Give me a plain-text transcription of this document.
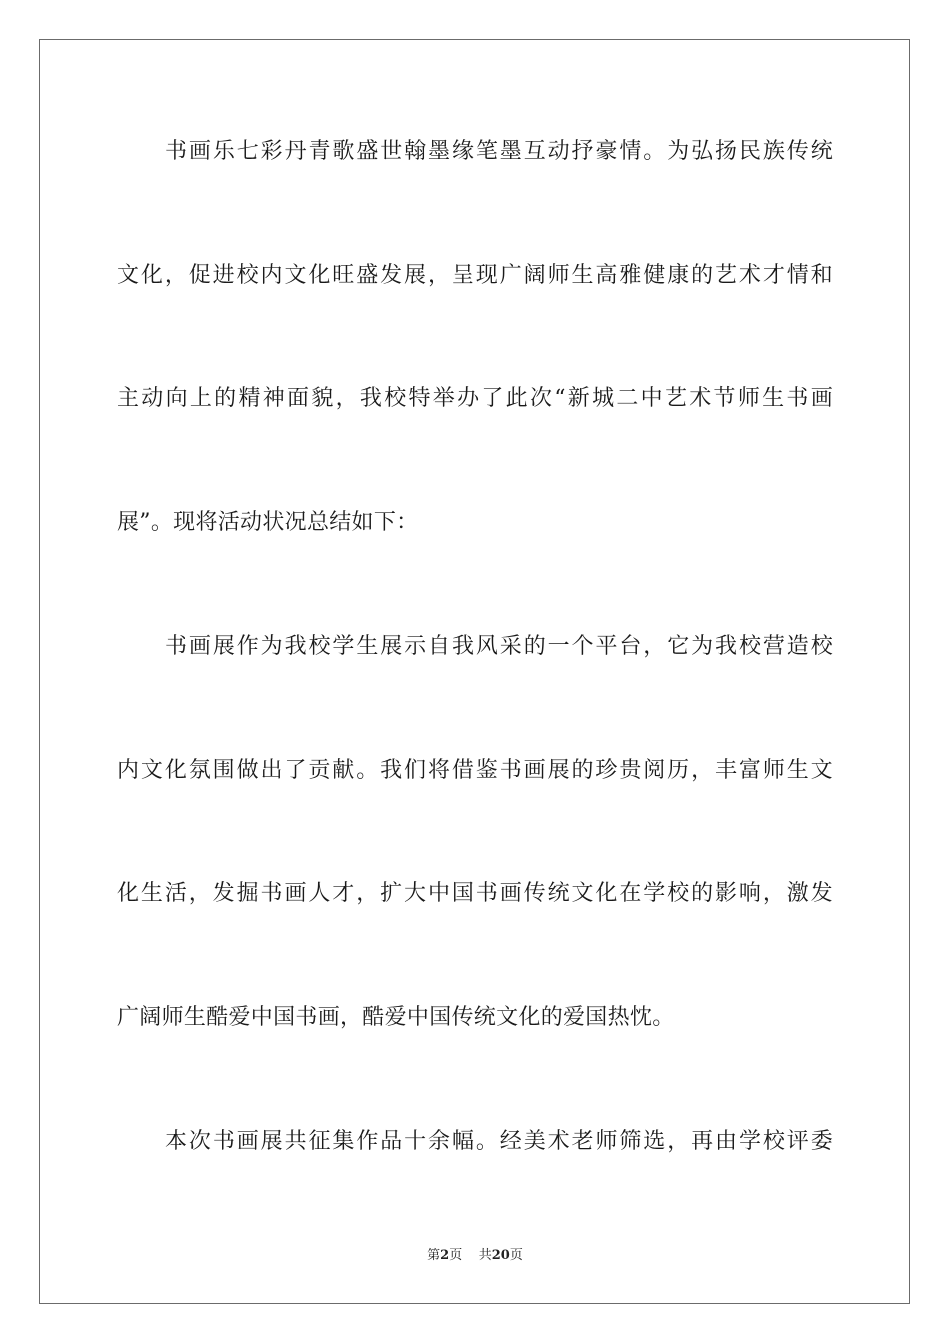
书画乐七彩丹青歌盛世翰墨缘笔墨互动抒豪情。为弘扬民族传统
文化，促进校内文化旺盛发展，呈现广阔师生高雅健康的艺术才情和
主动向上的精神面貌，我校特举办了此次“新城二中艺术节师生书画
展”。现将活动状况总结如下：
书画展作为我校学生展示自我风采的一个平台，它为我校营造校
内文化氛围做出了贡献。我们将借鉴书画展的珍贵阅历，丰富师生文
化生活，发掘书画人才，扩大中国书画传统文化在学校的影响，激发
广阔师生酷爱中国书画，酷爱中国传统文化的爱国热忱。
本次书画展共征集作品十余幅。经美术老师筛选，再由学校评委
第2页 共20页
